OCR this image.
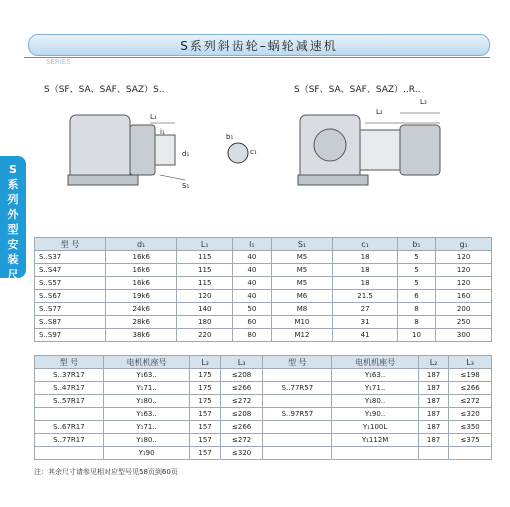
S系列斜齿轮–蜗轮减速机
SERIES
S系列外型安装尺寸
S（SF、SA、SAF、SAZ）S..
L₁
i₁
d₁
b₁
c₁
S₁
S（SF、SA、SAF、SAZ）..R..
L₂
L₃
型 号	d₁	L₁	l₁	S₁	c₁	b₁	g₁
S..S37	16k6	115	40	M5	18	5	120
S..S47	16k6	115	40	M5	18	5	120
S..S57	16k6	115	40	M5	18	5	120
S..S67	19k6	120	40	M6	21.5	6	160
S..S77	24k6	140	50	M8	27	8	200
S..S87	28k6	180	60	M10	31	8	250
S..S97	38k6	220	80	M12	41	10	300
型 号	电机机座号	L₂	L₃	型 号	电机机座号	L₂	L₃
S..37R17	Y₁63..	175	≤208		Y₁63..	187	≤198
S..47R17	Y₁71..	175	≤266	S..77R57	Y₁71..	187	≤266
S..57R17	Y₁80..	175	≤272		Y₁80..	187	≤272
	Y₁63..	157	≤208	S..97R57	Y₁90..	187	≤320
S..67R17	Y₁71..	157	≤266		Y₁100L	187	≤350
S..77R17	Y₁80..	157	≤272		Y₁112M	187	≤375
	Y₁90	157	≤320				
注：其余尺寸请参见相对应型号见58页到60页
